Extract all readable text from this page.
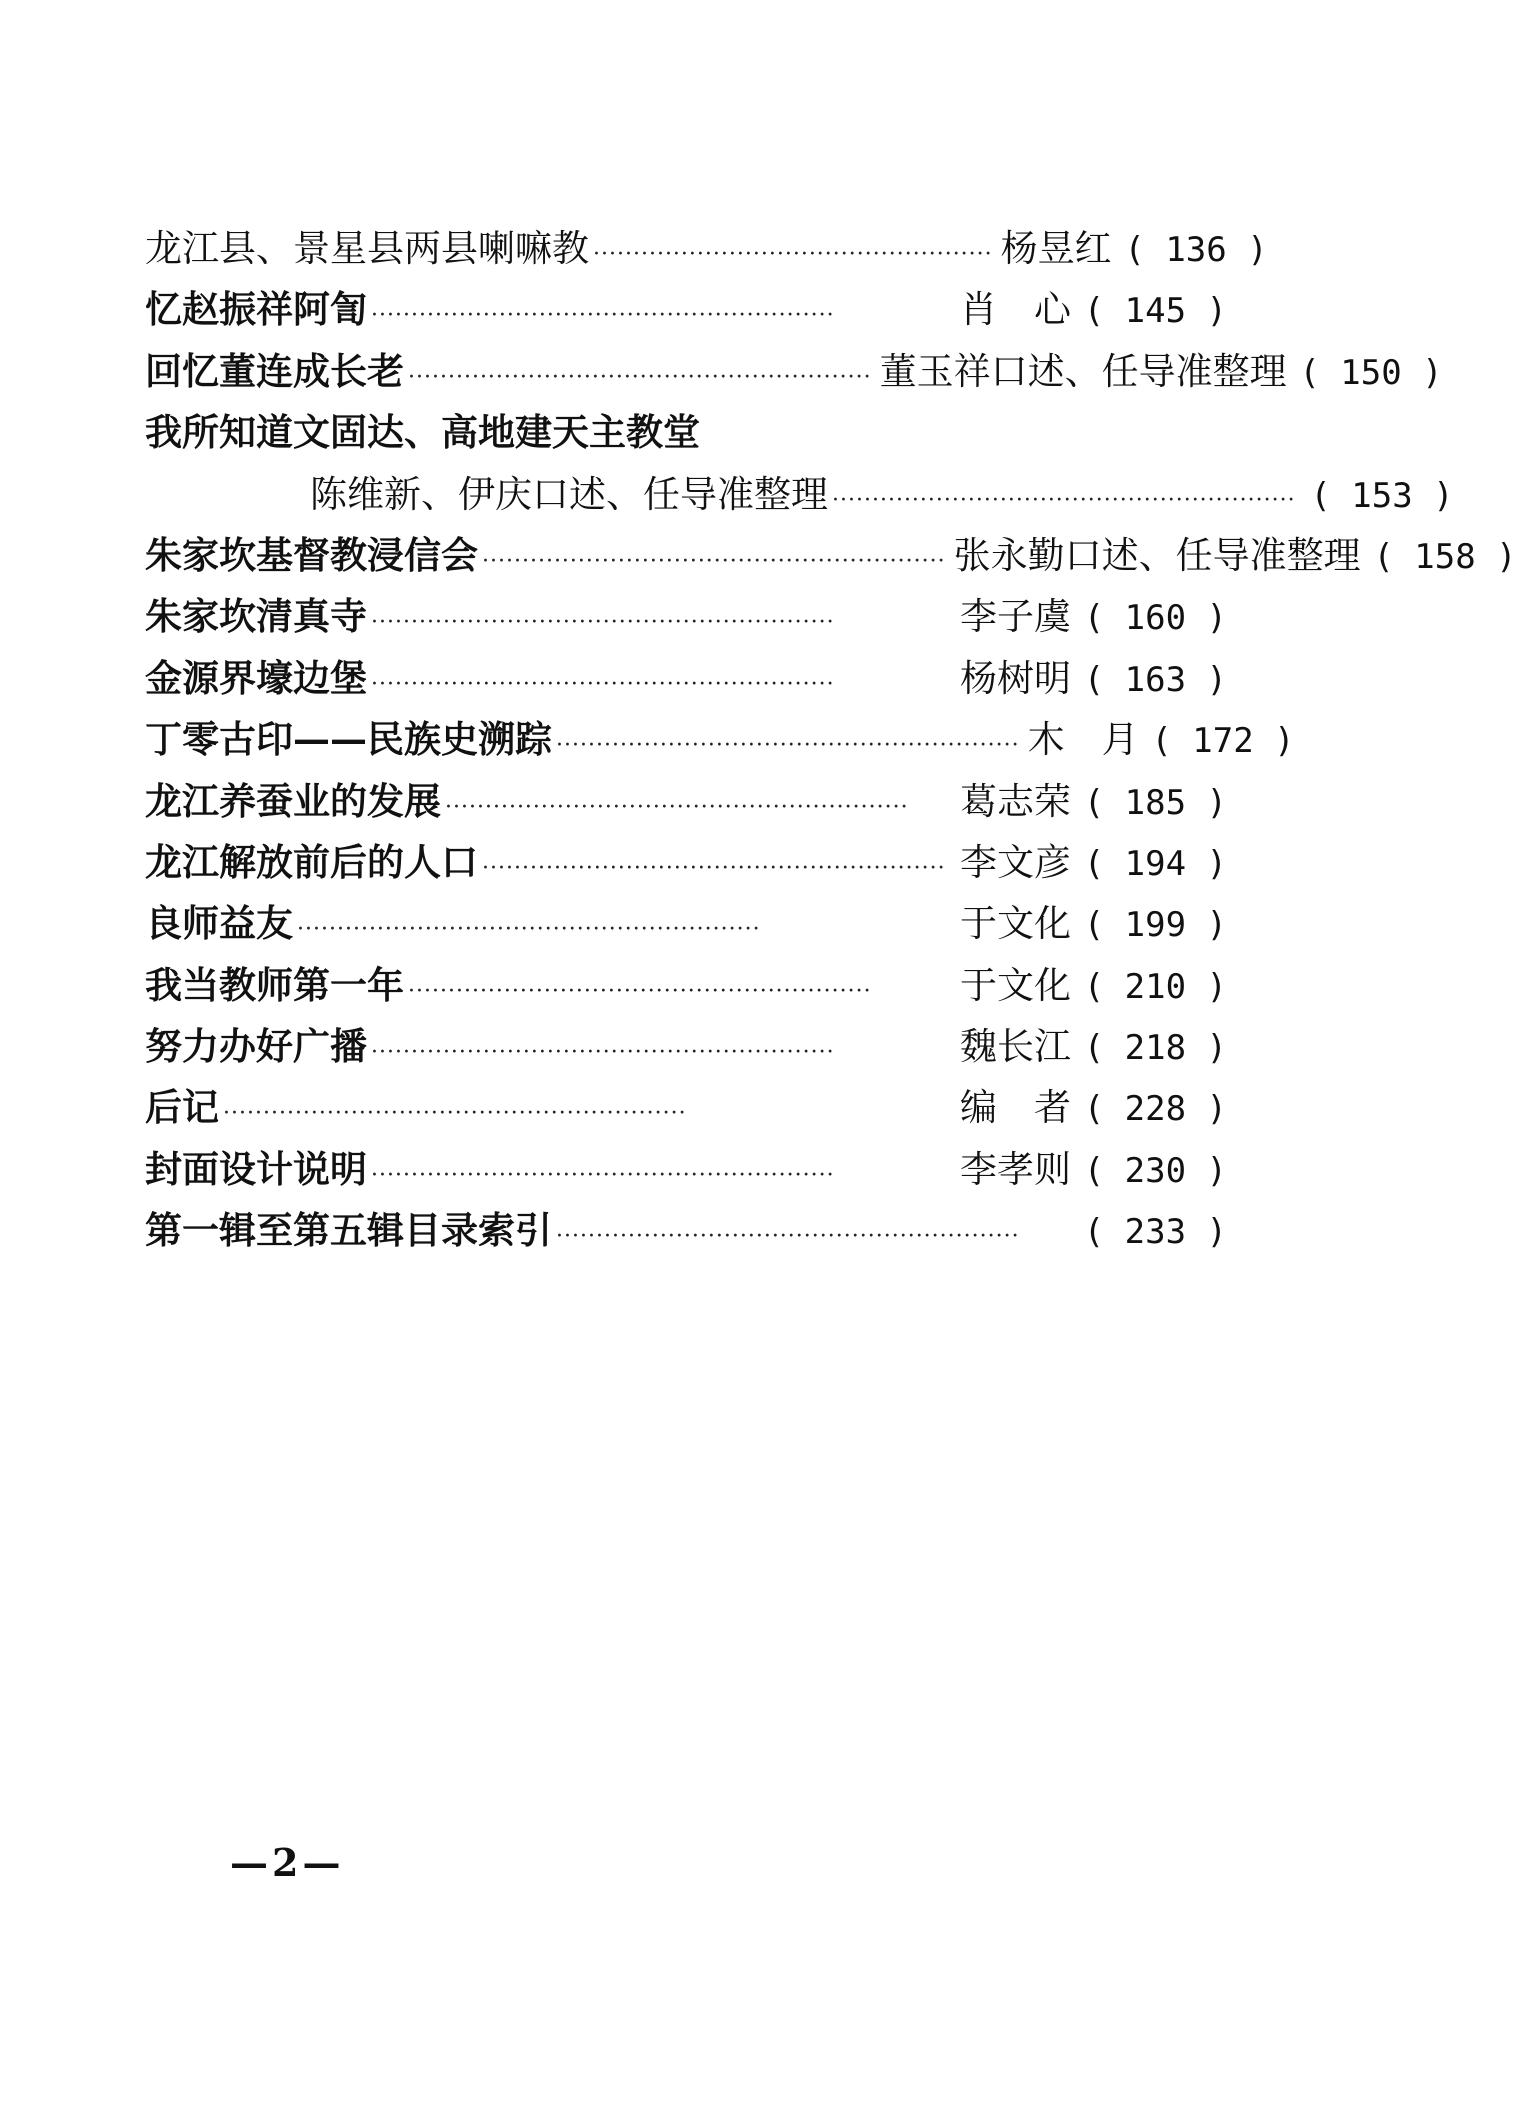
龙江县、景星县两县喇嘛教 ·················································· 杨昱红 ( 136 )
忆赵振祥阿訇 ··························································	肖　心 ( 145 )
回忆董连成长老 ·························································· 董玉祥口述、任导准整理 ( 150 )
我所知道文固达、高地建天主教堂
陈维新、伊庆口述、任导准整理 ·························································· ( 153 )
朱家坎基督教浸信会 ·························································· 张永勤口述、任导准整理 ( 158 )
朱家坎清真寺 ··························································	李子虞 ( 160 )
金源界壕边堡 ··························································	杨树明 ( 163 )
丁零古印——民族史溯踪 ·························································· 木　月 ( 172 )
龙江养蚕业的发展 ··························································	葛志荣 ( 185 )
龙江解放前后的人口 ·························································· 李文彦 ( 194 )
良师益友 ··························································	于文化 ( 199 )
我当教师第一年 ··························································	于文化 ( 210 )
努力办好广播 ··························································	魏长江 ( 218 )
后记 ··························································	编　者 ( 228 )
封面设计说明 ··························································	李孝则 ( 230 )
第一辑至第五辑目录索引 ··························································	( 233 )
—2—
